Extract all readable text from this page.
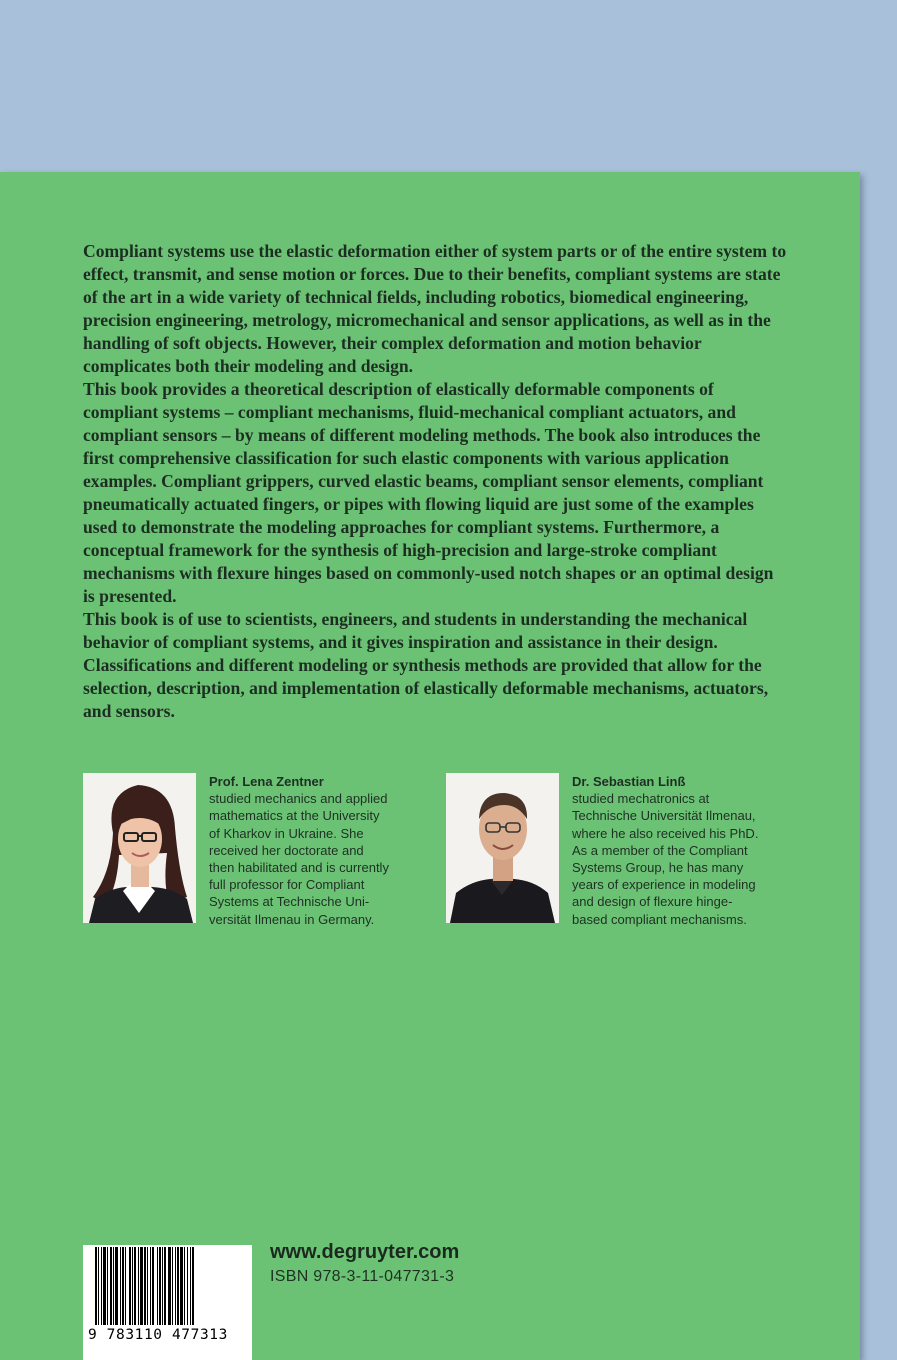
Compliant systems use the elastic deformation either of system parts or of the entire system to effect, transmit, and sense motion or forces. Due to their benefits, compliant systems are state of the art in a wide variety of technical fields, including robotics, biomedical engineering, precision engineering, metrology, micromechanical and sensor applications, as well as in the handling of soft objects. However, their complex deformation and motion behavior complicates both their modeling and design.

This book provides a theoretical description of elastically deformable components of compliant systems – compliant mechanisms, fluid-mechanical compliant actuators, and compliant sensors – by means of different modeling methods. The book also introduces the first comprehensive classification for such elastic components with various application examples. Compliant grippers, curved elastic beams, compliant sensor elements, compliant pneumatically actuated fingers, or pipes with flowing liquid are just some of the examples used to demonstrate the modeling approaches for compliant systems. Furthermore, a conceptual framework for the synthesis of high-precision and large-stroke compliant mechanisms with flexure hinges based on commonly-used notch shapes or an optimal design is presented.

This book is of use to scientists, engineers, and students in understanding the mechanical behavior of compliant systems, and it gives inspiration and assistance in their design. Classifications and different modeling or synthesis methods are provided that allow for the selection, description, and implementation of elastically deformable mechanisms, actuators, and sensors.

Prof. Lena Zentner
studied mechanics and applied
mathematics at the University
of Kharkov in Ukraine. She
received her doctorate and
then habilitated and is currently
full professor for Compliant
Systems at Technische Uni-
versität Ilmenau in Germany.
Dr. Sebastian Linß
studied mechatronics at
Technische Universität Ilmenau,
where he also received his PhD.
As a member of the Compliant
Systems Group, he has many
years of experience in modeling
and design of flexure hinge-
based compliant mechanisms.
9 783110 477313
www.degruyter.com
ISBN 978-3-11-047731-3
